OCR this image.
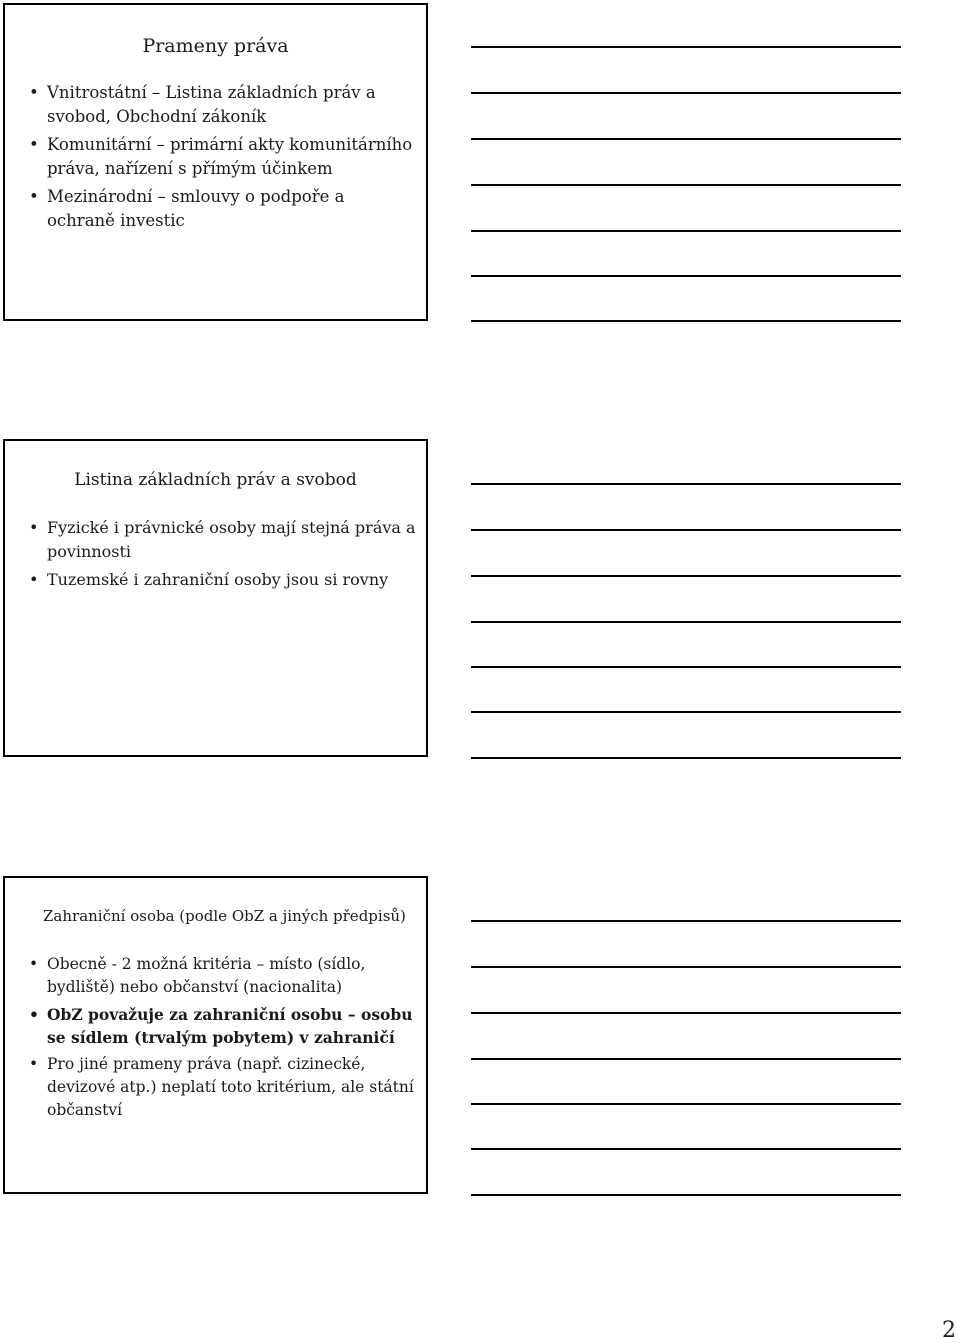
Prameny práva
• Vnitrostátní – Listina základních práv a svobod, Obchodní zákoník
• Komunitární – primární akty komunitárního práva, nařízení s přímým účinkem
• Mezinárodní – smlouvy o podpoře a ochraně investic
Listina základních práv a svobod
• Fyzické i právnické osoby mají stejná práva a povinnosti
• Tuzemské i zahraniční osoby jsou si rovny
Zahraniční osoba (podle ObZ a jiných předpisů)
• Obecně - 2 možná kritéria – místo (sídlo, bydliště) nebo občanství (nacionalita)
• ObZ považuje za zahraniční osobu – osobu se sídlem (trvalým pobytem) v zahraničí
• Pro jiné prameny práva (např. cizinecké, devizové atp.) neplatí toto kritérium, ale státní občanství
2
